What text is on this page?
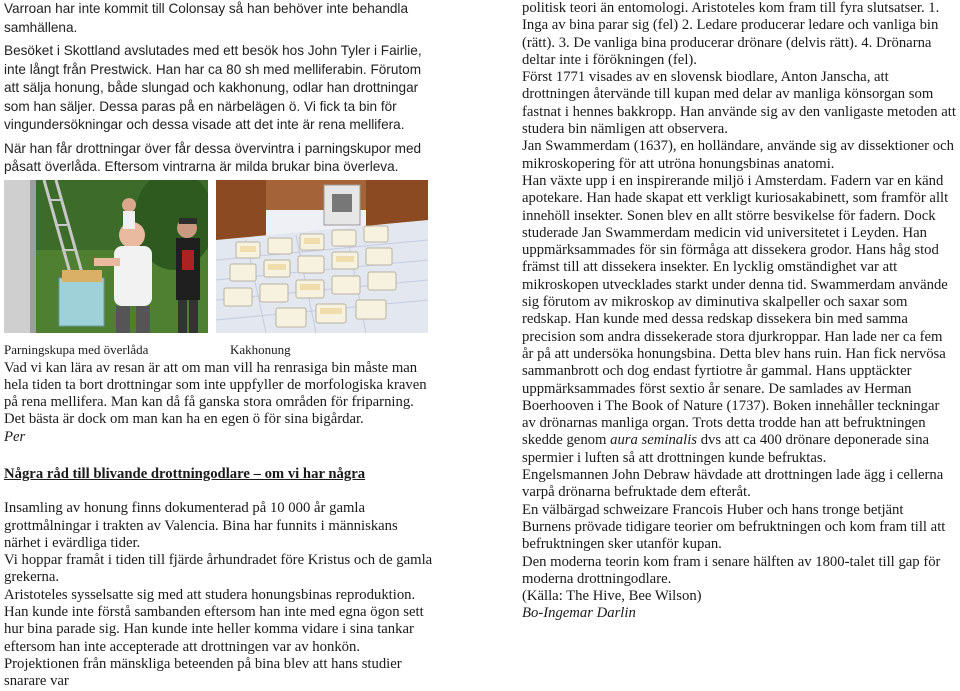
Varroan har inte kommit till Colonsay så han behöver inte behandla
samhällena.

Besöket i Skottland avslutades med ett besök hos John Tyler i Fairlie, inte långt från Prestwick. Han har ca 80 sh med melliferabin. Förutom att sälja honung, både slungad och kakhonung, odlar han drottningar som han säljer. Dessa paras på en närbelägen ö. Vi fick ta bin för vingundersökningar och dessa visade att det inte är rena mellifera.

När han får drottningar över får dessa övervintra i parningskupor med påsatt överlåda. Eftersom vintrarna är milda brukar bina överleva.

Parningskupa med överlåda	Kakhonung

Vad vi kan lära av resan är att om man vill ha renrasiga bin måste man hela tiden ta bort drottningar som inte uppfyller de morfologiska kraven på rena mellifera. Man kan då få ganska stora områden för friparning. Det bästa är dock om man kan ha en egen ö för sina bigårdar.

Per

Några råd till blivande drottningodlare – om vi har några

Insamling av honung finns dokumenterad på 10 000 år gamla grottmålningar i trakten av Valencia. Bina har funnits i människans närhet i evärdliga tider.

Vi hoppar framåt i tiden till fjärde århundradet före Kristus och de gamla grekerna.

Aristoteles sysselsatte sig med att studera honungsbinas reproduktion. Han kunde inte förstå sambanden eftersom han inte med egna ögon sett hur bina parade sig. Han kunde inte heller komma vidare i sina tankar eftersom han inte accepterade att drottningen var av honkön. Projektionen från mänskliga beteenden på bina blev att hans studier snarare var

politisk teori än entomologi. Aristoteles kom fram till fyra slutsatser. 1. Inga av bina parar sig (fel) 2. Ledare producerar ledare och vanliga bin (rätt). 3. De vanliga bina producerar drönare (delvis rätt). 4. Drönarna deltar inte i förökningen (fel).

Först 1771 visades av en slovensk biodlare, Anton Janscha, att drottningen återvände till kupan med delar av manliga könsorgan som fastnat i hennes bakkropp. Han använde sig av den vanligaste metoden att studera bin nämligen att observera.

Jan Swammerdam (1637), en holländare, använde sig av dissektioner och mikroskopering för att utröna honungsbinas anatomi.

Han växte upp i en inspirerande miljö i Amsterdam. Fadern var en känd apotekare. Han hade skapat ett verkligt kuriosakabinett, som framför allt innehöll insekter. Sonen blev en allt större besvikelse för fadern. Dock studerade Jan Swammerdam medicin vid universitetet i Leyden. Han uppmärksammades för sin förmåga att dissekera grodor. Hans håg stod främst till att dissekera insekter. En lycklig omständighet var att mikroskopen utvecklades starkt under denna tid. Swammerdam använde sig förutom av mikroskop av diminutiva skalpeller och saxar som redskap. Han kunde med dessa redskap dissekera bin med samma precision som andra dissekerade stora djurkroppar. Han lade ner ca fem år på att undersöka honungsbina. Detta blev hans ruin. Han fick nervösa sammanbrott och dog endast fyrtiotre år gammal. Hans upptäckter uppmärksammades först sextio år senare. De samlades av Herman Boerhooven i The Book of Nature (1737). Boken innehåller teckningar av drönarnas manliga organ. Trots detta trodde han att befruktningen skedde genom aura seminalis dvs att ca 400 drönare deponerade sina spermier i luften så att drottningen kunde befruktas.

Engelsmannen John Debraw hävdade att drottningen lade ägg i cellerna varpå drönarna befruktade dem efteråt.

En välbärgad schweizare Francois Huber och hans tronge betjänt Burnens prövade tidigare teorier om befruktningen och kom fram till att befruktningen sker utanför kupan.

Den moderna teorin kom fram i senare hälften av 1800-talet till gap för moderna drottningodlare.

(Källa: The Hive, Bee Wilson)

Bo-Ingemar Darlin
